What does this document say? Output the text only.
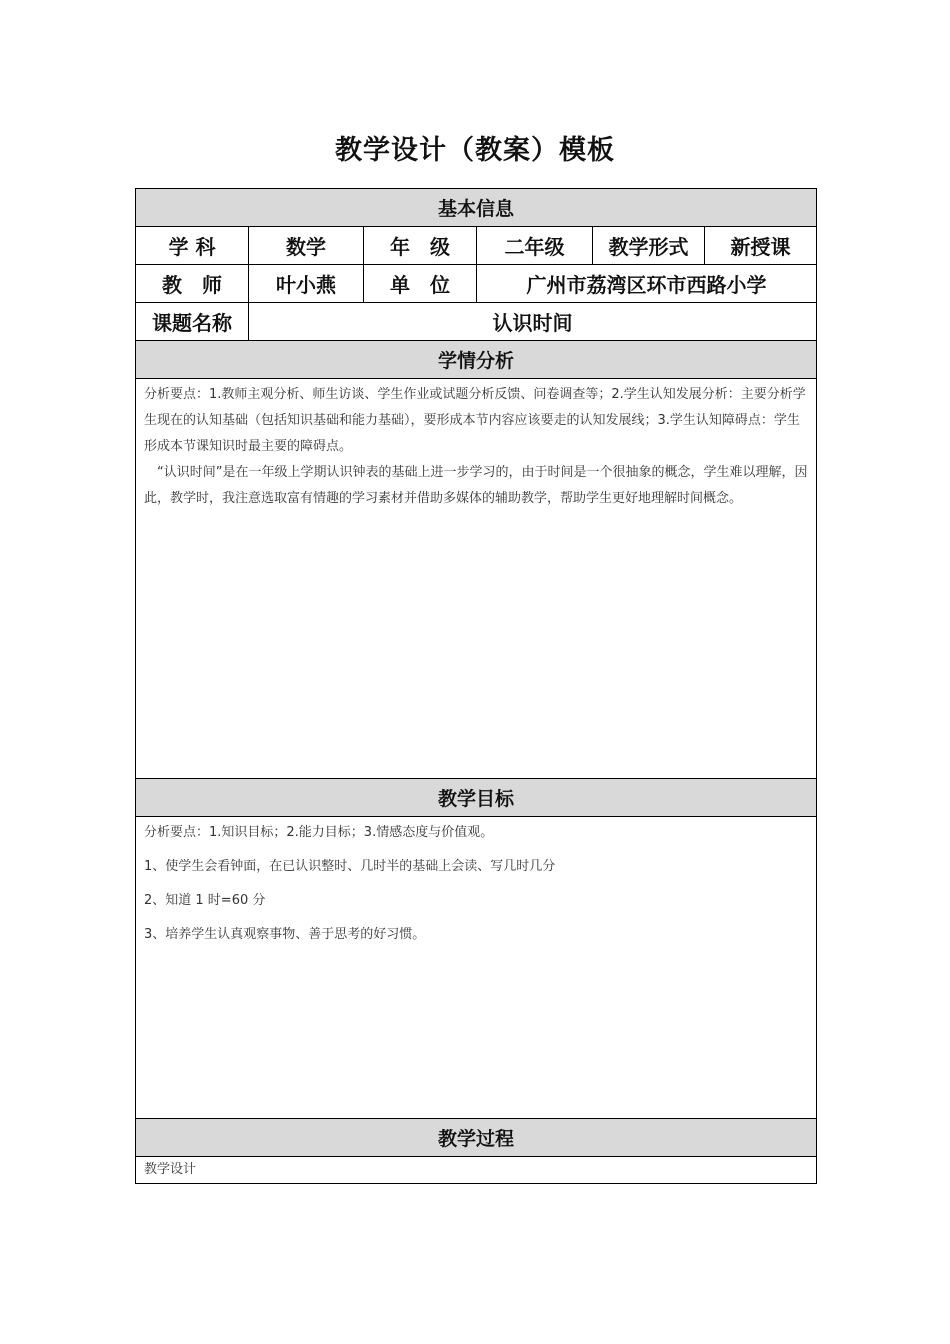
教学设计（教案）模板
基本信息					
学 科	数学	年　级	二年级	教学形式	新授课
教　师	叶小燕	单　位	广州市荔湾区环市西路小学		
课题名称	认识时间				
学情分析					

分析要点：1.教师主观分析、师生访谈、学生作业或试题分析反馈、问卷调查等；2.学生认知发展分析：主要分析学生现在的认知基础（包括知识基础和能力基础），要形成本节内容应该要走的认知发展线；3.学生认知障碍点：学生形成本节课知识时最主要的障碍点。

“认识时间”是在一年级上学期认识钟表的基础上进一步学习的，由于时间是一个很抽象的概念，学生难以理解，因此，教学时，我注意选取富有情趣的学习素材并借助多媒体的辅助教学，帮助学生更好地理解时间概念。					

教学目标					

分析要点：1.知识目标；2.能力目标；3.情感态度与价值观。

1、使学生会看钟面，在已认识整时、几时半的基础上会读、写几时几分

2、知道 1 时=60 分

3、培养学生认真观察事物、善于思考的好习惯。					

教学过程					
教学设计					
